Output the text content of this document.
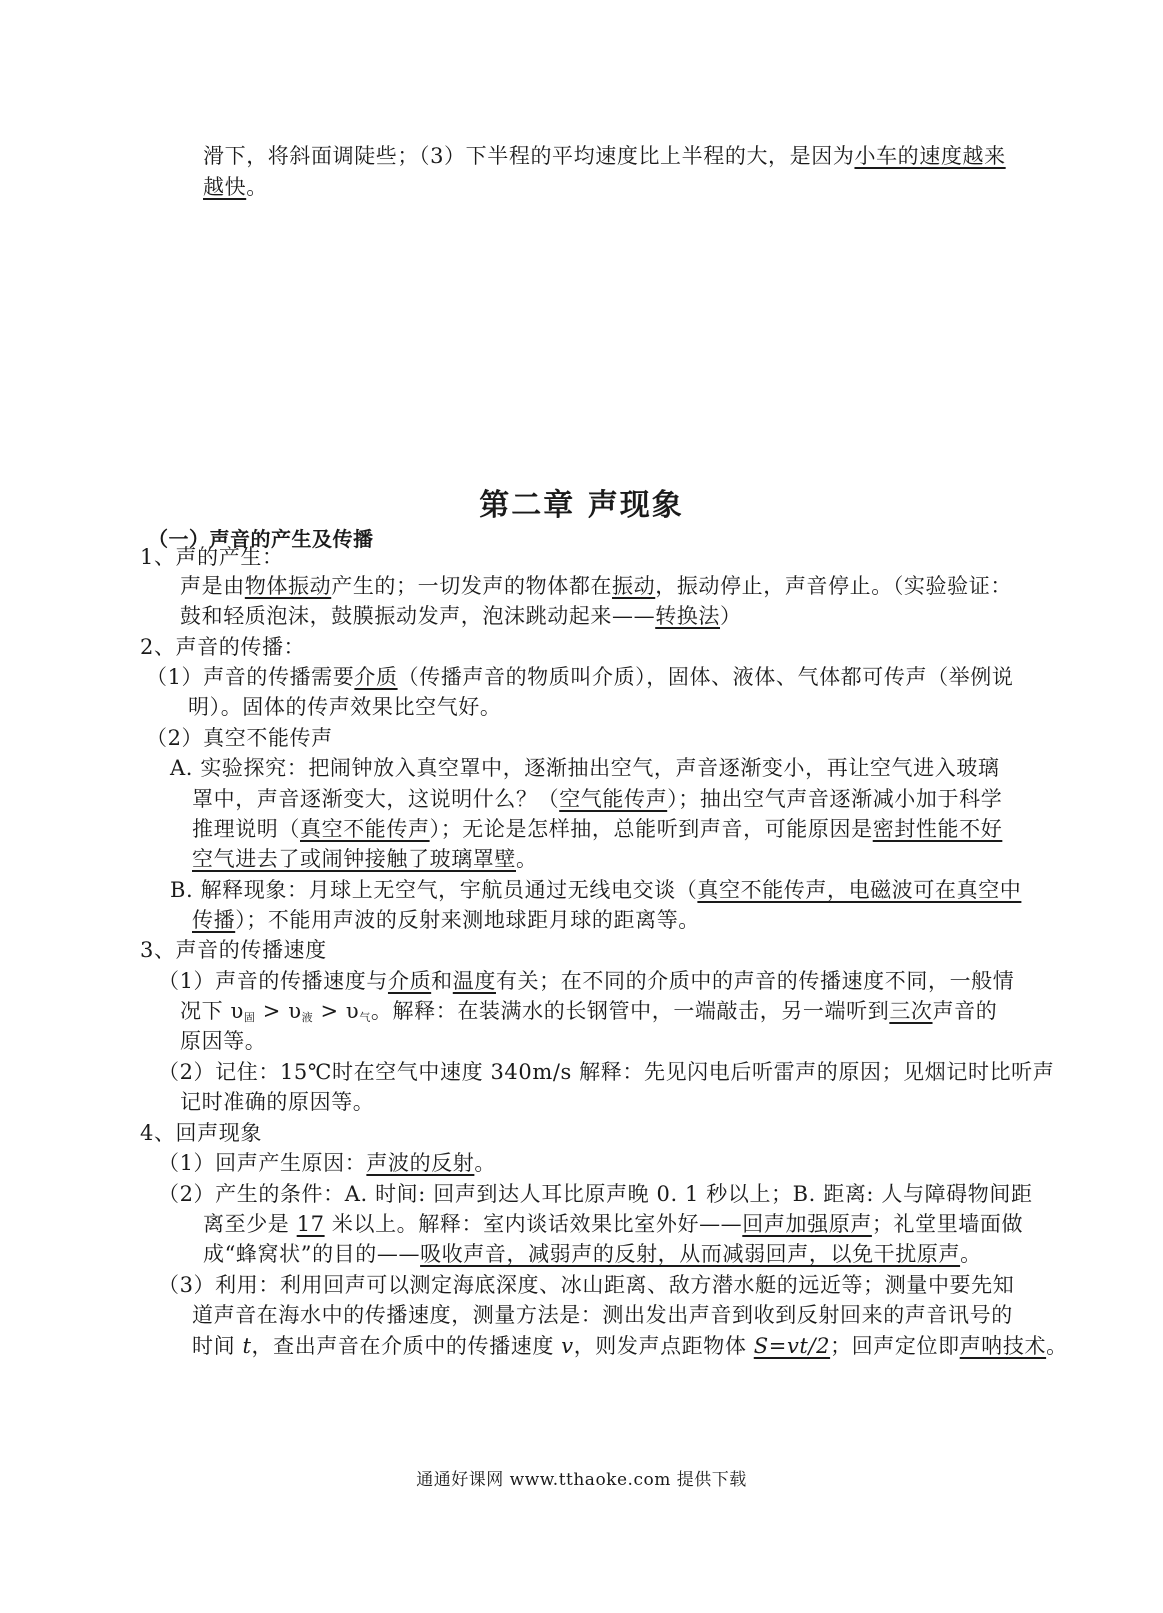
滑下，将斜面调陡些；（3）下半程的平均速度比上半程的大，是因为小车的速度越来
越快。
第二章 声现象
（一）声音的产生及传播
1、声的产生：
声是由物体振动产生的；一切发声的物体都在振动，振动停止，声音停止。（实验验证：
鼓和轻质泡沫，鼓膜振动发声，泡沫跳动起来——转换法）
2、声音的传播：
（1）声音的传播需要介质（传播声音的物质叫介质），固体、液体、气体都可传声（举例说
明）。固体的传声效果比空气好。
（2）真空不能传声
A. 实验探究：把闹钟放入真空罩中，逐渐抽出空气，声音逐渐变小，再让空气进入玻璃
罩中，声音逐渐变大，这说明什么？（空气能传声）；抽出空气声音逐渐减小加于科学
推理说明（真空不能传声）；无论是怎样抽，总能听到声音，可能原因是密封性能不好
空气进去了或闹钟接触了玻璃罩壁。
B. 解释现象：月球上无空气，宇航员通过无线电交谈（真空不能传声，电磁波可在真空中
传播）；不能用声波的反射来测地球距月球的距离等。
3、声音的传播速度
（1）声音的传播速度与介质和温度有关；在不同的介质中的声音的传播速度不同，一般情
况下 $\upsilon_固 > \upsilon_液 > \upsilon_气$。解释：在装满水的长钢管中，一端敲击，另一端听到三次声音的
原因等。
（2）记住：15℃时在空气中速度 340m/s 解释：先见闪电后听雷声的原因；见烟记时比听声
记时准确的原因等。
4、回声现象
（1）回声产生原因：声波的反射。
（2）产生的条件：A. 时间: 回声到达人耳比原声晚 0. 1 秒以上；B. 距离: 人与障碍物间距
离至少是 17 米以上。解释：室内谈话效果比室外好——回声加强原声；礼堂里墙面做
成“蜂窝状”的目的——吸收声音，减弱声的反射，从而减弱回声，以免干扰原声。
（3）利用：利用回声可以测定海底深度、冰山距离、敌方潜水艇的远近等；测量中要先知
道声音在海水中的传播速度，测量方法是：测出发出声音到收到反射回来的声音讯号的
时间 t，查出声音在介质中的传播速度 v，则发声点距物体 S=vt/2；回声定位即声呐技术。
通通好课网 www.tthaoke.com 提供下载
